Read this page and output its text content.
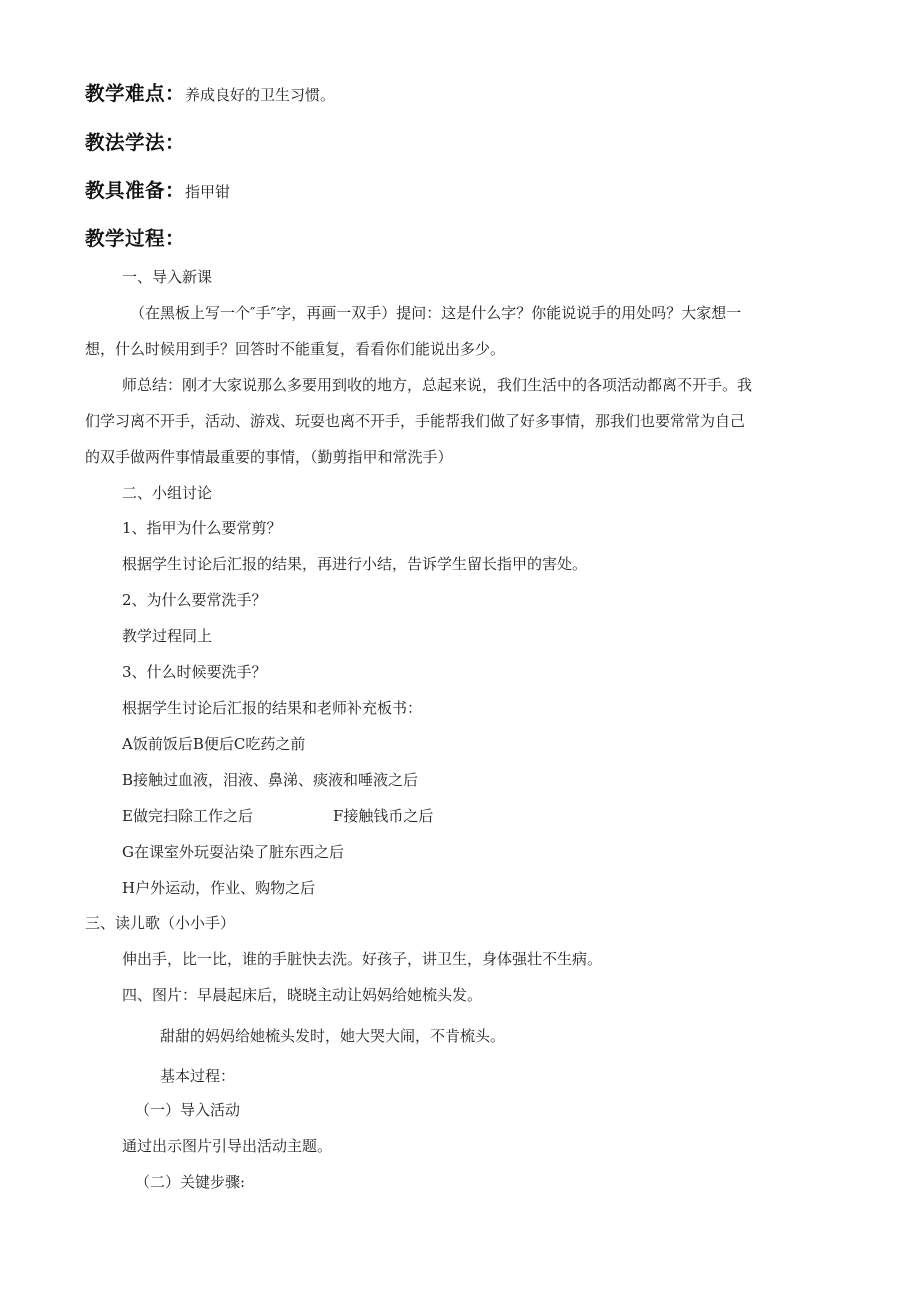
教学难点：养成良好的卫生习惯。
教法学法：
教具准备：指甲钳
教学过程：
一、导入新课
（在黑板上写一个″手″字，再画一双手）提问：这是什么字？你能说说手的用处吗？大家想一
想，什么时候用到手？回答时不能重复，看看你们能说出多少。
师总结：刚才大家说那么多要用到收的地方，总起来说，我们生活中的各项活动都离不开手。我
们学习离不开手，活动、游戏、玩耍也离不开手，手能帮我们做了好多事情，那我们也要常常为自己
的双手做两件事情最重要的事情，（勤剪指甲和常洗手）
二、小组讨论
1、指甲为什么要常剪？
根据学生讨论后汇报的结果，再进行小结，告诉学生留长指甲的害处。
2、为什么要常洗手？
教学过程同上
3、什么时候要洗手？
根据学生讨论后汇报的结果和老师补充板书：
A饭前饭后B便后C吃药之前
B接触过血液，泪液、鼻涕、痰液和唾液之后
E做完扫除工作之后	F接触钱币之后
G在课室外玩耍沾染了脏东西之后
H户外运动，作业、购物之后
三、读儿歌（小小手）
伸出手，比一比，谁的手脏快去洗。好孩子，讲卫生，身体强壮不生病。
四、图片：早晨起床后，晓晓主动让妈妈给她梳头发。
甜甜的妈妈给她梳头发时，她大哭大闹，不肯梳头。
基本过程：
（一）导入活动
通过出示图片引导出活动主题。
（二）关键步骤:
